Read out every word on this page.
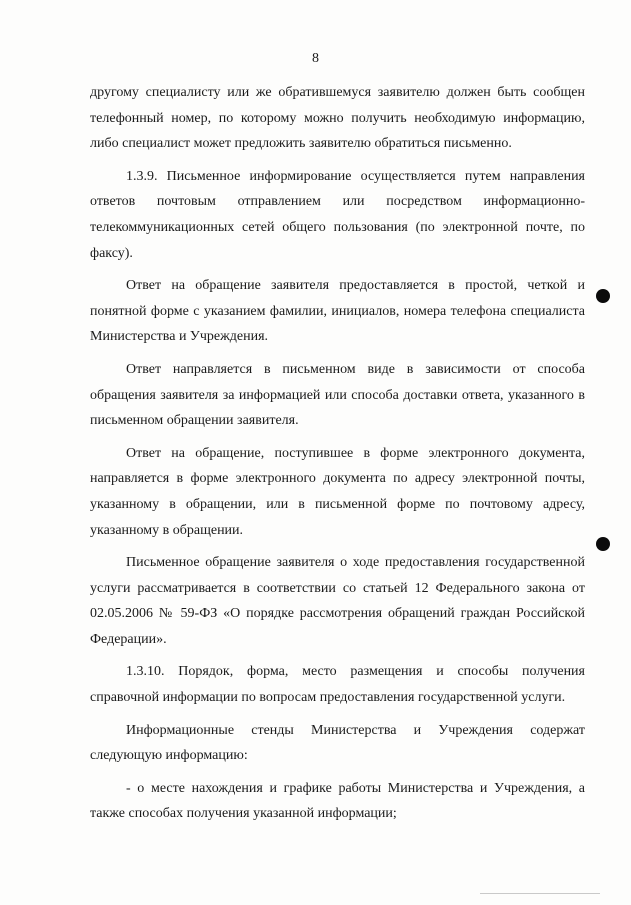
8

другому специалисту или же обратившемуся заявителю должен быть сообщен телефонный номер, по которому можно получить необходимую информацию, либо специалист может предложить заявителю обратиться письменно.

1.3.9. Письменное информирование осуществляется путем направления ответов почтовым отправлением или посредством информационно-телекоммуникационных сетей общего пользования (по электронной почте, по факсу).

Ответ на обращение заявителя предоставляется в простой, четкой и понятной форме с указанием фамилии, инициалов, номера телефона специалиста Министерства и Учреждения.

Ответ направляется в письменном виде в зависимости от способа обращения заявителя за информацией или способа доставки ответа, указанного в письменном обращении заявителя.

Ответ на обращение, поступившее в форме электронного документа, направляется в форме электронного документа по адресу электронной почты, указанному в обращении, или в письменной форме по почтовому адресу, указанному в обращении.

Письменное обращение заявителя о ходе предоставления государственной услуги рассматривается в соответствии со статьей 12 Федерального закона от 02.05.2006 № 59-ФЗ «О порядке рассмотрения обращений граждан Российской Федерации».

1.3.10. Порядок, форма, место размещения и способы получения справочной информации по вопросам предоставления государственной услуги.

Информационные стенды Министерства и Учреждения содержат следующую информацию:

- о месте нахождения и графике работы Министерства и Учреждения, а также способах получения указанной информации;
